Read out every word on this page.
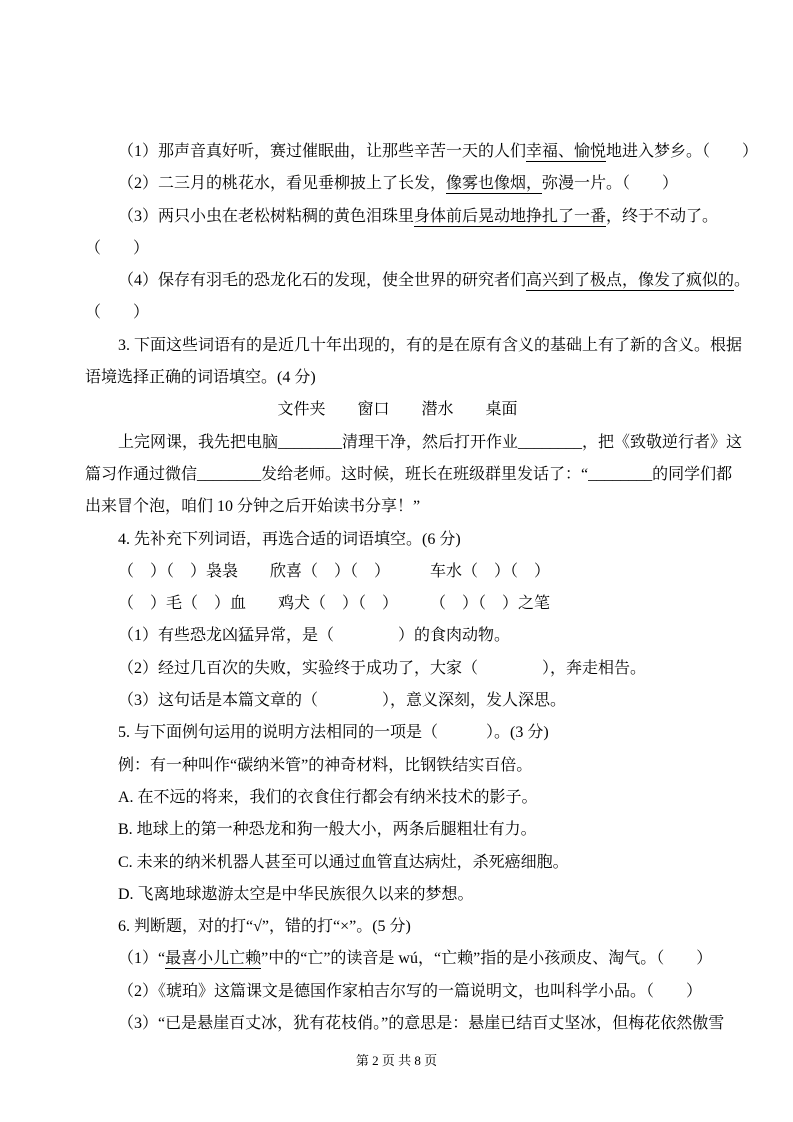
（1）那声音真好听，赛过催眠曲，让那些辛苦一天的人们幸福、愉悦地进入梦乡。（　　）
（2）二三月的桃花水，看见垂柳披上了长发，像雾也像烟，弥漫一片。（　　）
（3）两只小虫在老松树粘稠的黄色泪珠里身体前后晃动地挣扎了一番，终于不动了。
（　　）
（4）保存有羽毛的恐龙化石的发现，使全世界的研究者们高兴到了极点，像发了疯似的。
（　　）
3. 下面这些词语有的是近几十年出现的，有的是在原有含义的基础上有了新的含义。根据
语境选择正确的词语填空。(4 分)
文件夹　　窗口　　潜水　　桌面
上完网课，我先把电脑________清理干净，然后打开作业________，把《致敬逆行者》这
篇习作通过微信________发给老师。这时候，班长在班级群里发话了：“________的同学们都
出来冒个泡，咱们 10 分钟之后开始读书分享！”
4. 先补充下列词语，再选合适的词语填空。(6 分)
（　）（　）袅袅　　欣喜（　）（　）　　　车水（　）（　）
（　）毛（　）血　　鸡犬（　）（　）　　　（　）（　）之笔
（1）有些恐龙凶猛异常，是（　　　　）的食肉动物。
（2）经过几百次的失败，实验终于成功了，大家（　　　　），奔走相告。
（3）这句话是本篇文章的（　　　　），意义深刻，发人深思。
5. 与下面例句运用的说明方法相同的一项是（　　　）。(3 分)
例：有一种叫作“碳纳米管”的神奇材料，比钢铁结实百倍。
A. 在不远的将来，我们的衣食住行都会有纳米技术的影子。
B. 地球上的第一种恐龙和狗一般大小，两条后腿粗壮有力。
C. 未来的纳米机器人甚至可以通过血管直达病灶，杀死癌细胞。
D. 飞离地球遨游太空是中华民族很久以来的梦想。
6. 判断题，对的打“√”，错的打“×”。(5 分)
（1）“最喜小儿亡赖”中的“亡”的读音是 wú，“亡赖”指的是小孩顽皮、淘气。（　　）
（2）《琥珀》这篇课文是德国作家柏吉尔写的一篇说明文，也叫科学小品。（　　）
（3）“已是悬崖百丈冰，犹有花枝俏。”的意思是：悬崖已结百丈坚冰，但梅花依然傲雪
第 2 页 共 8 页
